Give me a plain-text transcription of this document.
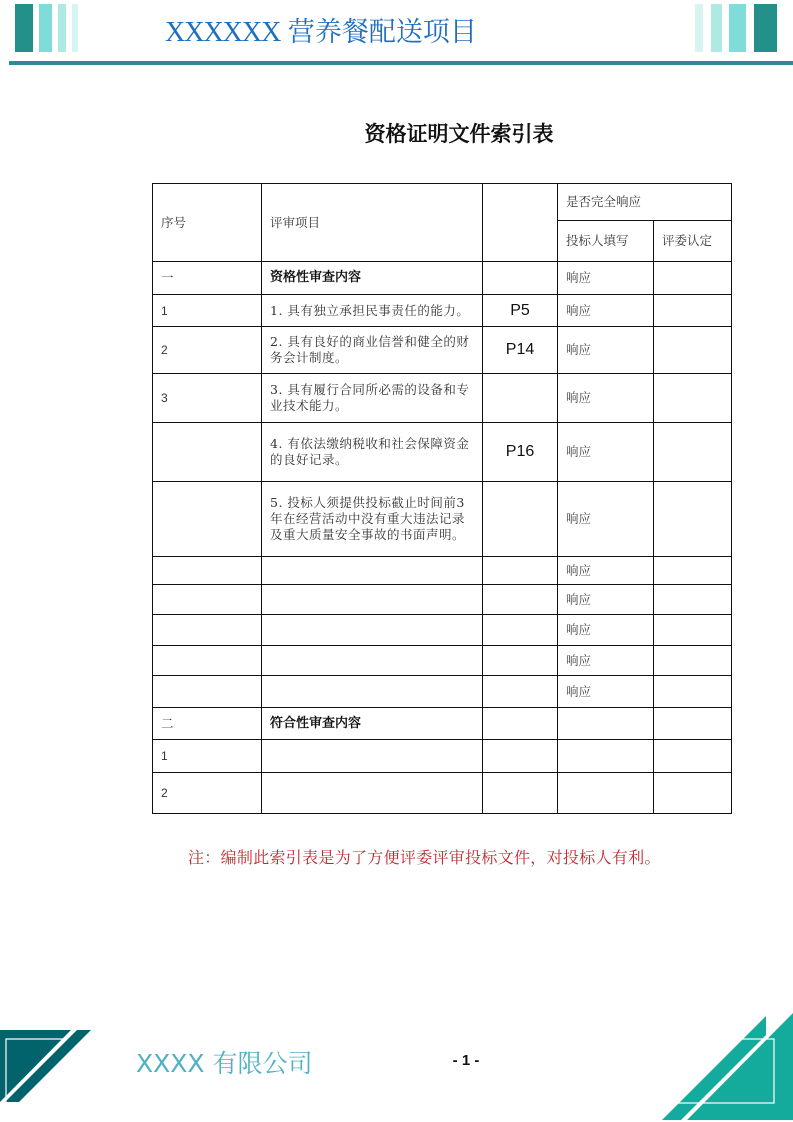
XXXXXX 营养餐配送项目
资格证明文件索引表
序号	评审项目		是否完全响应	
			投标人填写	评委认定
一	资格性审查内容		响应	
1	1. 具有独立承担民事责任的能力。	P5	响应	
2	2. 具有良好的商业信誉和健全的财务会计制度。	P14	响应	
3	3. 具有履行合同所必需的设备和专业技术能力。		响应	
	4. 有依法缴纳税收和社会保障资金的良好记录。	P16	响应	
	5. 投标人须提供投标截止时间前3年在经营活动中没有重大违法记录及重大质量安全事故的书面声明。		响应	
			响应	
			响应	
			响应	
			响应	
			响应	
二	符合性审查内容			
1				
2				
注：编制此索引表是为了方便评委评审投标文件，对投标人有利。
XXXX 有限公司	- 1 -
